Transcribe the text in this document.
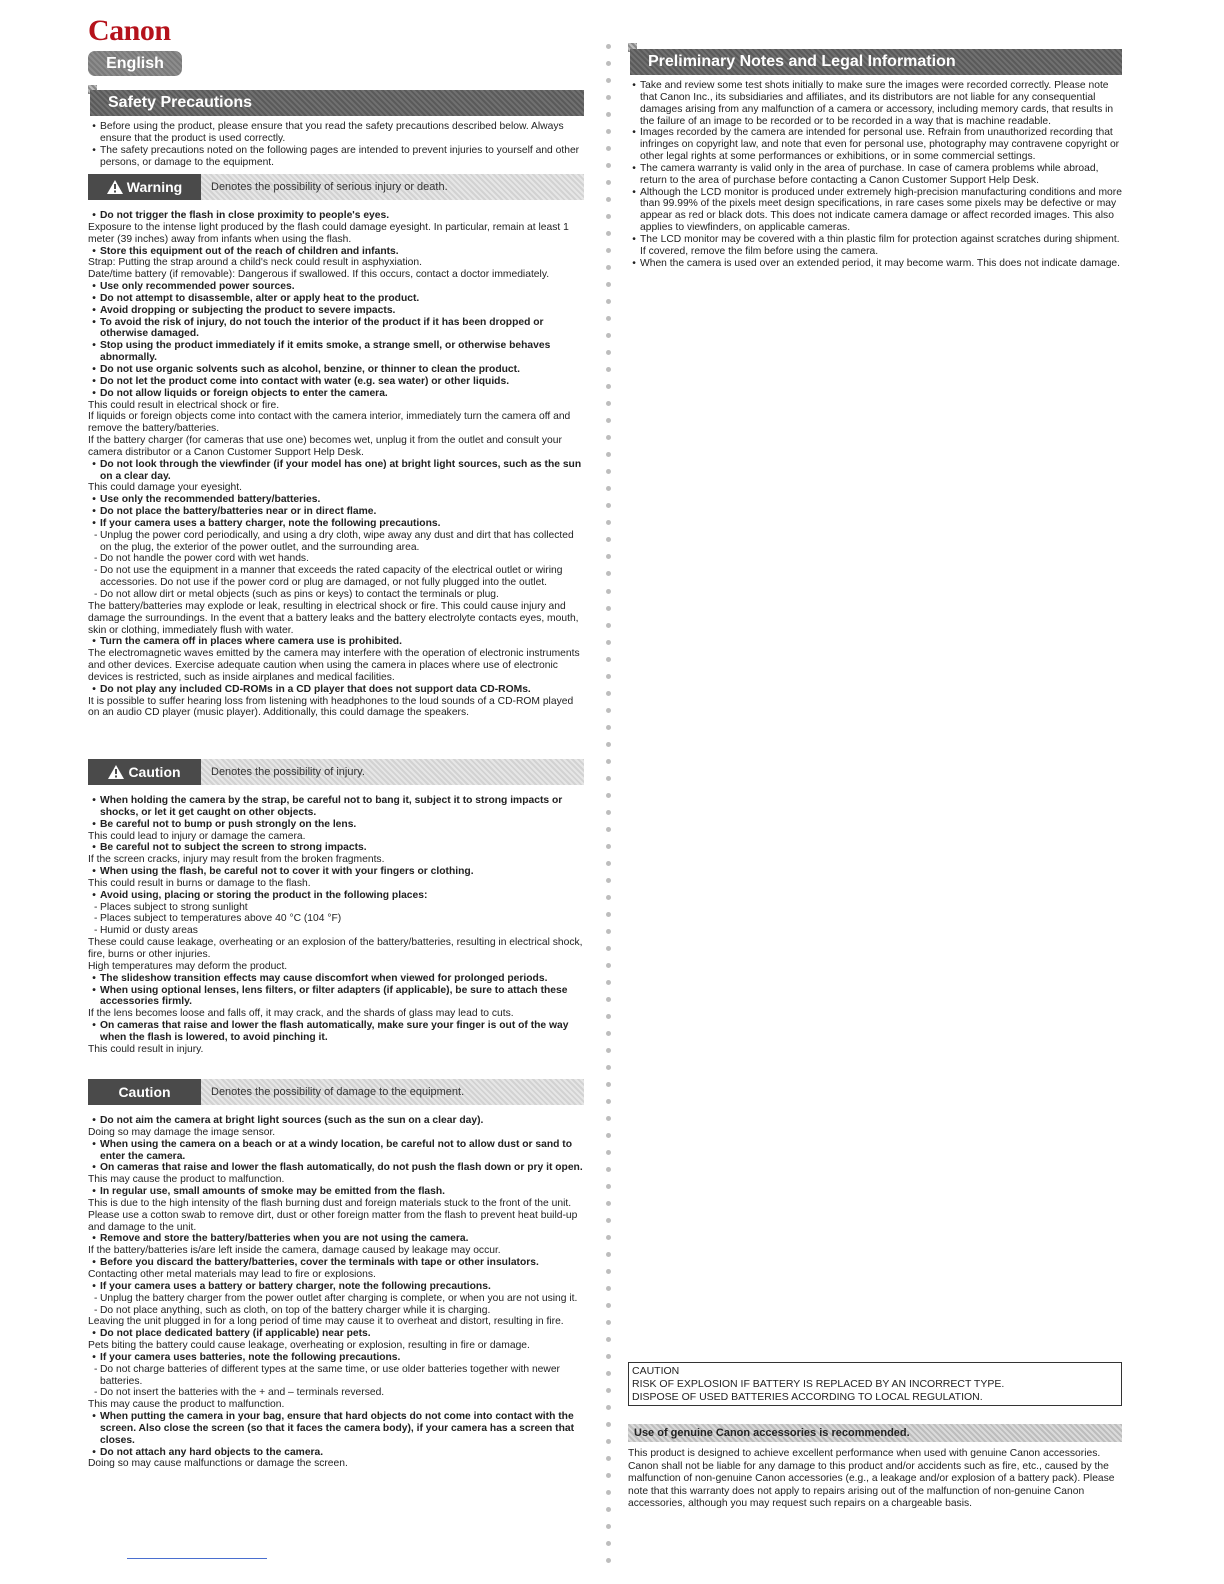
Canon
English
Safety Precautions
• Before using the product, please ensure that you read the safety precautions described below. Always ensure that the product is used correctly.
• The safety precautions noted on the following pages are intended to prevent injuries to yourself and other persons, or damage to the equipment.
Warning	Denotes the possibility of serious injury or death.
• Do not trigger the flash in close proximity to people's eyes.
Exposure to the intense light produced by the flash could damage eyesight. In particular, remain at least 1 meter (39 inches) away from infants when using the flash.
• Store this equipment out of the reach of children and infants.
Strap: Putting the strap around a child's neck could result in asphyxiation.
Date/time battery (if removable): Dangerous if swallowed. If this occurs, contact a doctor immediately.
• Use only recommended power sources.
• Do not attempt to disassemble, alter or apply heat to the product.
• Avoid dropping or subjecting the product to severe impacts.
• To avoid the risk of injury, do not touch the interior of the product if it has been dropped or otherwise damaged.
• Stop using the product immediately if it emits smoke, a strange smell, or otherwise behaves abnormally.
• Do not use organic solvents such as alcohol, benzine, or thinner to clean the product.
• Do not let the product come into contact with water (e.g. sea water) or other liquids.
• Do not allow liquids or foreign objects to enter the camera.
This could result in electrical shock or fire.
If liquids or foreign objects come into contact with the camera interior, immediately turn the camera off and remove the battery/batteries.
If the battery charger (for cameras that use one) becomes wet, unplug it from the outlet and consult your camera distributor or a Canon Customer Support Help Desk.
• Do not look through the viewfinder (if your model has one) at bright light sources, such as the sun on a clear day.
This could damage your eyesight.
• Use only the recommended battery/batteries.
• Do not place the battery/batteries near or in direct flame.
• If your camera uses a battery charger, note the following precautions.
- Unplug the power cord periodically, and using a dry cloth, wipe away any dust and dirt that has collected on the plug, the exterior of the power outlet, and the surrounding area.
- Do not handle the power cord with wet hands.
- Do not use the equipment in a manner that exceeds the rated capacity of the electrical outlet or wiring accessories. Do not use if the power cord or plug are damaged, or not fully plugged into the outlet.
- Do not allow dirt or metal objects (such as pins or keys) to contact the terminals or plug.
The battery/batteries may explode or leak, resulting in electrical shock or fire. This could cause injury and damage the surroundings. In the event that a battery leaks and the battery electrolyte contacts eyes, mouth, skin or clothing, immediately flush with water.
• Turn the camera off in places where camera use is prohibited.
The electromagnetic waves emitted by the camera may interfere with the operation of electronic instruments and other devices. Exercise adequate caution when using the camera in places where use of electronic devices is restricted, such as inside airplanes and medical facilities.
• Do not play any included CD-ROMs in a CD player that does not support data CD-ROMs.
It is possible to suffer hearing loss from listening with headphones to the loud sounds of a CD-ROM played on an audio CD player (music player). Additionally, this could damage the speakers.
Caution	Denotes the possibility of injury.
• When holding the camera by the strap, be careful not to bang it, subject it to strong impacts or shocks, or let it get caught on other objects.
• Be careful not to bump or push strongly on the lens.
This could lead to injury or damage the camera.
• Be careful not to subject the screen to strong impacts.
If the screen cracks, injury may result from the broken fragments.
• When using the flash, be careful not to cover it with your fingers or clothing.
This could result in burns or damage to the flash.
• Avoid using, placing or storing the product in the following places:
- Places subject to strong sunlight
- Places subject to temperatures above 40 °C (104 °F)
- Humid or dusty areas
These could cause leakage, overheating or an explosion of the battery/batteries, resulting in electrical shock, fire, burns or other injuries.
High temperatures may deform the product.
• The slideshow transition effects may cause discomfort when viewed for prolonged periods.
• When using optional lenses, lens filters, or filter adapters (if applicable), be sure to attach these accessories firmly.
If the lens becomes loose and falls off, it may crack, and the shards of glass may lead to cuts.
• On cameras that raise and lower the flash automatically, make sure your finger is out of the way when the flash is lowered, to avoid pinching it.
This could result in injury.
Caution	Denotes the possibility of damage to the equipment.
• Do not aim the camera at bright light sources (such as the sun on a clear day).
Doing so may damage the image sensor.
• When using the camera on a beach or at a windy location, be careful not to allow dust or sand to enter the camera.
• On cameras that raise and lower the flash automatically, do not push the flash down or pry it open.
This may cause the product to malfunction.
• In regular use, small amounts of smoke may be emitted from the flash.
This is due to the high intensity of the flash burning dust and foreign materials stuck to the front of the unit. Please use a cotton swab to remove dirt, dust or other foreign matter from the flash to prevent heat build-up and damage to the unit.
• Remove and store the battery/batteries when you are not using the camera.
If the battery/batteries is/are left inside the camera, damage caused by leakage may occur.
• Before you discard the battery/batteries, cover the terminals with tape or other insulators.
Contacting other metal materials may lead to fire or explosions.
• If your camera uses a battery or battery charger, note the following precautions.
- Unplug the battery charger from the power outlet after charging is complete, or when you are not using it.
- Do not place anything, such as cloth, on top of the battery charger while it is charging.
Leaving the unit plugged in for a long period of time may cause it to overheat and distort, resulting in fire.
• Do not place dedicated battery (if applicable) near pets.
Pets biting the battery could cause leakage, overheating or explosion, resulting in fire or damage.
• If your camera uses batteries, note the following precautions.
- Do not charge batteries of different types at the same time, or use older batteries together with newer batteries.
- Do not insert the batteries with the + and – terminals reversed.
This may cause the product to malfunction.
• When putting the camera in your bag, ensure that hard objects do not come into contact with the screen. Also close the screen (so that it faces the camera body), if your camera has a screen that closes.
• Do not attach any hard objects to the camera.
Doing so may cause malfunctions or damage the screen.
Preliminary Notes and Legal Information
• Take and review some test shots initially to make sure the images were recorded correctly. Please note that Canon Inc., its subsidiaries and affiliates, and its distributors are not liable for any consequential damages arising from any malfunction of a camera or accessory, including memory cards, that results in the failure of an image to be recorded or to be recorded in a way that is machine readable.
• Images recorded by the camera are intended for personal use. Refrain from unauthorized recording that infringes on copyright law, and note that even for personal use, photography may contravene copyright or other legal rights at some performances or exhibitions, or in some commercial settings.
• The camera warranty is valid only in the area of purchase. In case of camera problems while abroad, return to the area of purchase before contacting a Canon Customer Support Help Desk.
• Although the LCD monitor is produced under extremely high-precision manufacturing conditions and more than 99.99% of the pixels meet design specifications, in rare cases some pixels may be defective or may appear as red or black dots. This does not indicate camera damage or affect recorded images. This also applies to viewfinders, on applicable cameras.
• The LCD monitor may be covered with a thin plastic film for protection against scratches during shipment. If covered, remove the film before using the camera.
• When the camera is used over an extended period, it may become warm. This does not indicate damage.
CAUTION
RISK OF EXPLOSION IF BATTERY IS REPLACED BY AN INCORRECT TYPE.
DISPOSE OF USED BATTERIES ACCORDING TO LOCAL REGULATION.
Use of genuine Canon accessories is recommended.
This product is designed to achieve excellent performance when used with genuine Canon accessories.
Canon shall not be liable for any damage to this product and/or accidents such as fire, etc., caused by the malfunction of non-genuine Canon accessories (e.g., a leakage and/or explosion of a battery pack). Please note that this warranty does not apply to repairs arising out of the malfunction of non-genuine Canon accessories, although you may request such repairs on a chargeable basis.
